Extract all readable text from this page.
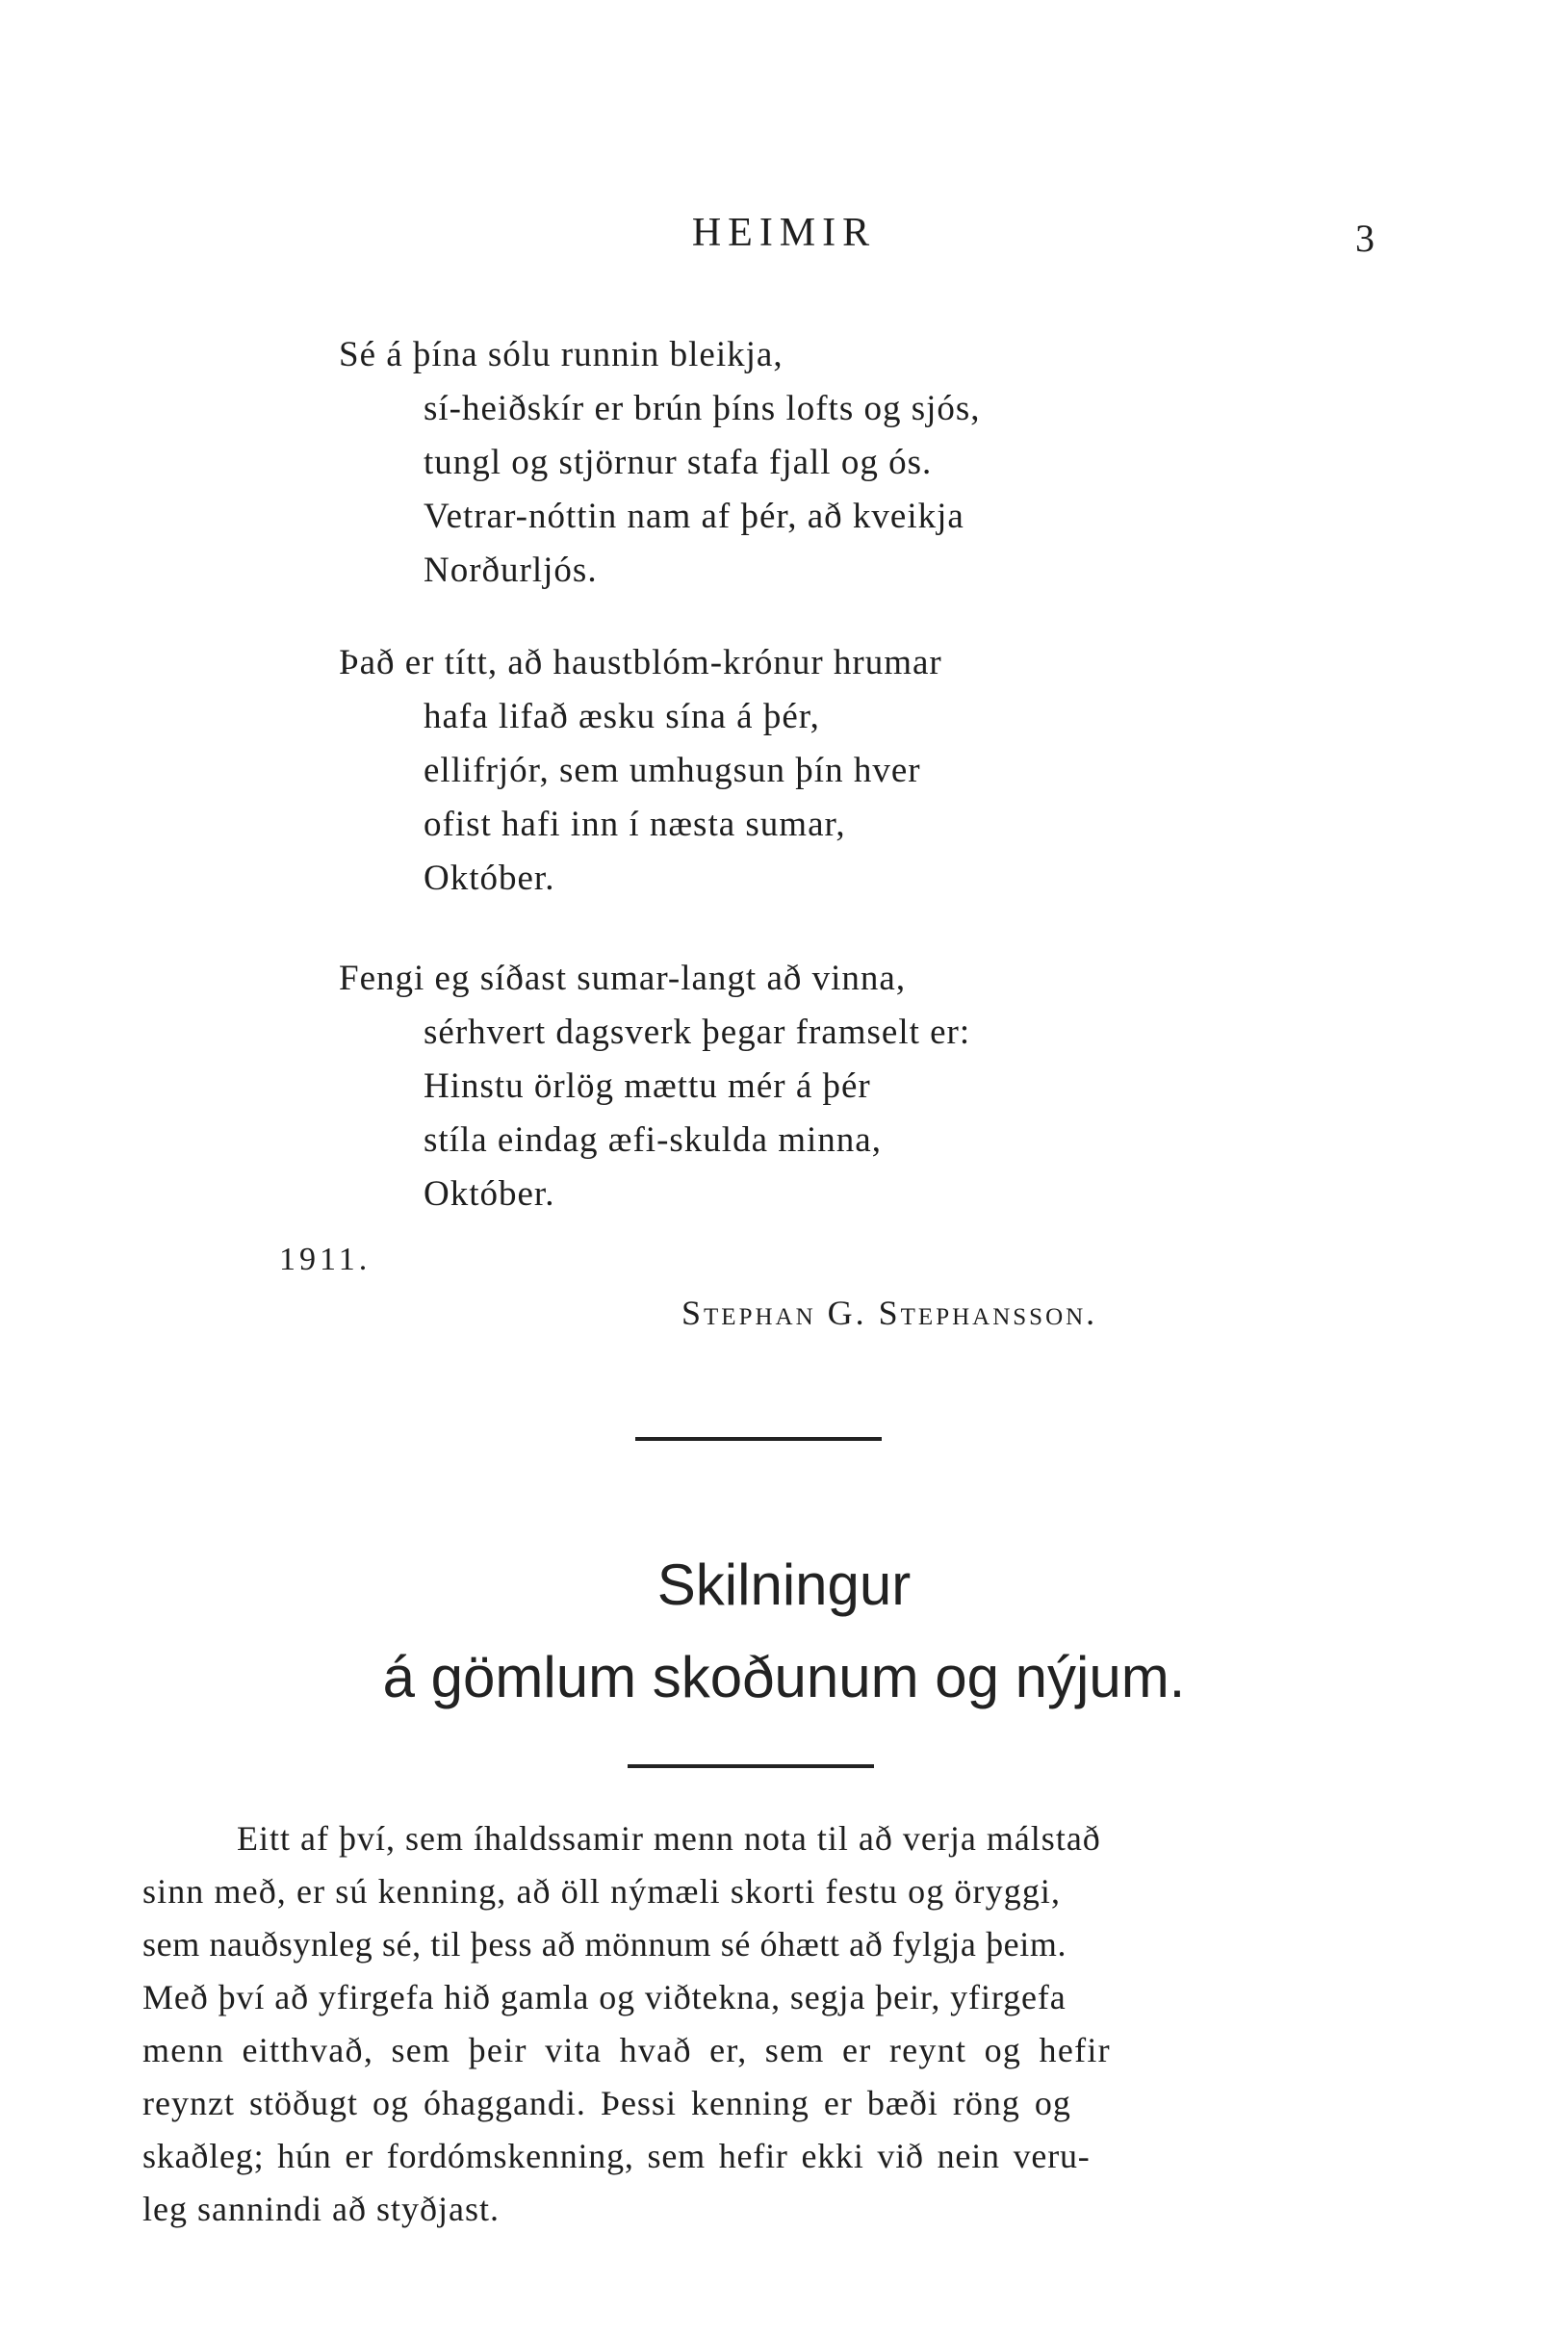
HEIMIR	3
Sé á þína sólu runnin bleikja,
sí-heiðskír er brún þíns lofts og sjós,
tungl og stjörnur stafa fjall og ós.
Vetrar-nóttin nam af þér, að kveikja
Norðurljós.
Það er títt, að haustblóm-krónur hrumar
hafa lifað æsku sína á þér,
ellifrjór, sem umhugsun þín hver
ofist hafi inn í næsta sumar,
Október.
Fengi eg síðast sumar-langt að vinna,
sérhvert dagsverk þegar framselt er:
Hinstu örlög mættu mér á þér
stíla eindag æfi-skulda minna,
Október.
1911.
Stephan G. Stephansson.
Skilningur
á gömlum skoðunum og nýjum.
Eitt af því, sem íhaldssamir menn nota til að verja málstað
sinn með, er sú kenning, að öll nýmæli skorti festu og öryggi,
sem nauðsynleg sé, til þess að mönnum sé óhætt að fylgja þeim.
Með því að yfirgefa hið gamla og viðtekna, segja þeir, yfirgefa
menn eitthvað, sem þeir vita hvað er, sem er reynt og hefir
reynzt stöðugt og óhaggandi. Þessi kenning er bæði röng og
skaðleg; hún er fordómskenning, sem hefir ekki við nein veru-
leg sannindi að styðjast.
